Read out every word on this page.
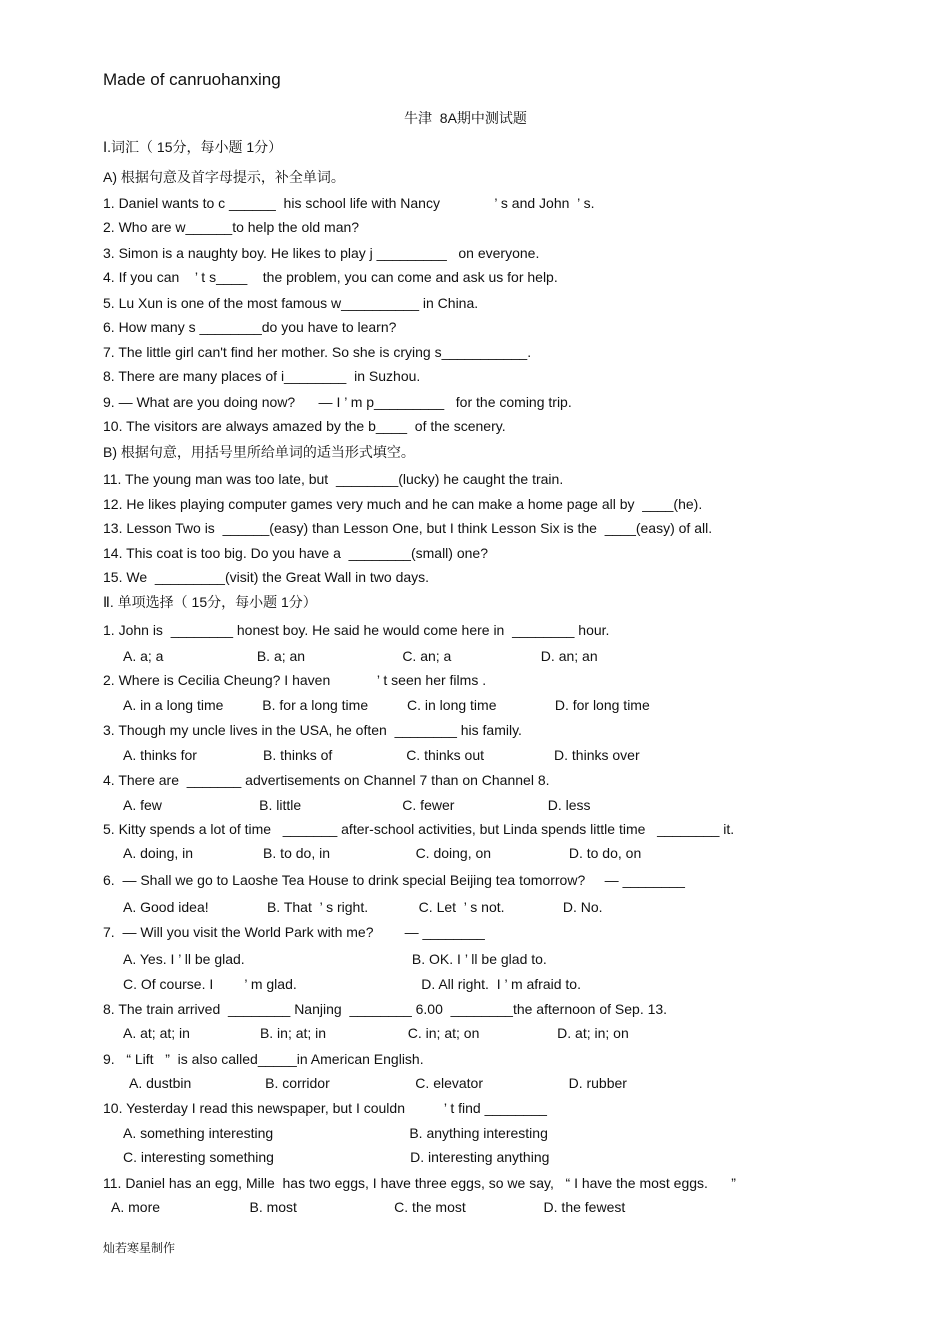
Made of canruohanxing
牛津  8A期中测试题
Ⅰ.词汇（ 15分，每小题 1分）
A) 根据句意及首字母提示，补全单词。
1. Daniel wants to c ______  his school life with Nancy              ’ s and John  ’ s.
2. Who are w______to help the old man?
3. Simon is a naughty boy. He likes to play j _________   on everyone.
4. If you can    ’ t s____    the problem, you can come and ask us for help.
5. Lu Xun is one of the most famous w__________ in China.
6. How many s ________do you have to learn?
7. The little girl can't find her mother. So she is crying s___________.
8. There are many places of i________  in Suzhou.
9. — What are you doing now?      — I ’ m p_________   for the coming trip.
10. The visitors are always amazed by the b____  of the scenery.
B) 根据句意，用括号里所给单词的适当形式填空。
11. The young man was too late, but  ________(lucky) he caught the train.
12. He likes playing computer games very much and he can make a home page all by  ____(he).
13. Lesson Two is  ______(easy) than Lesson One, but I think Lesson Six is the  ____(easy) of all.
14. This coat is too big. Do you have a  ________(small) one?
15. We  _________(visit) the Great Wall in two days.
Ⅱ. 单项选择（ 15分，每小题 1分）
1. John is  ________ honest boy. He said he would come here in  ________ hour.
A. a; a                        B. a; an                         C. an; a                       D. an; an
2. Where is Cecilia Cheung? I haven            ’ t seen her films .
A. in a long time          B. for a long time          C. in long time               D. for long time
3. Though my uncle lives in the USA, he often  ________ his family.
A. thinks for                 B. thinks of                   C. thinks out                  D. thinks over
4. There are  _______ advertisements on Channel 7 than on Channel 8.
A. few                         B. little                          C. fewer                        D. less
5. Kitty spends a lot of time   _______ after-school activities, but Linda spends little time   ________ it.
A. doing, in                  B. to do, in                      C. doing, on                    D. to do, on
6.  — Shall we go to Laoshe Tea House to drink special Beijing tea tomorrow?     — ________
A. Good idea!               B. That  ’ s right.             C. Let  ’ s not.               D. No.
7.  — Will you visit the World Park with me?        — ________
A. Yes. I ’ ll be glad.                                           B. OK. I ’ ll be glad to.
C. Of course. I        ’ m glad.                                D. All right.  I ’ m afraid to.
8. The train arrived  ________ Nanjing  ________ 6.00  ________the afternoon of Sep. 13.
A. at; at; in                  B. in; at; in                     C. in; at; on                    D. at; in; on
9.   “ Lift   ”  is also called_____in American English.
A. dustbin                   B. corridor                      C. elevator                      D. rubber
10. Yesterday I read this newspaper, but I couldn          ’ t find ________
A. something interesting                                   B. anything interesting
C. interesting something                                   D. interesting anything
11. Daniel has an egg, Mille  has two eggs, I have three eggs, so we say,   “ I have the most eggs.      ”
A. more                       B. most                         C. the most                    D. the fewest
灿若寒星制作
